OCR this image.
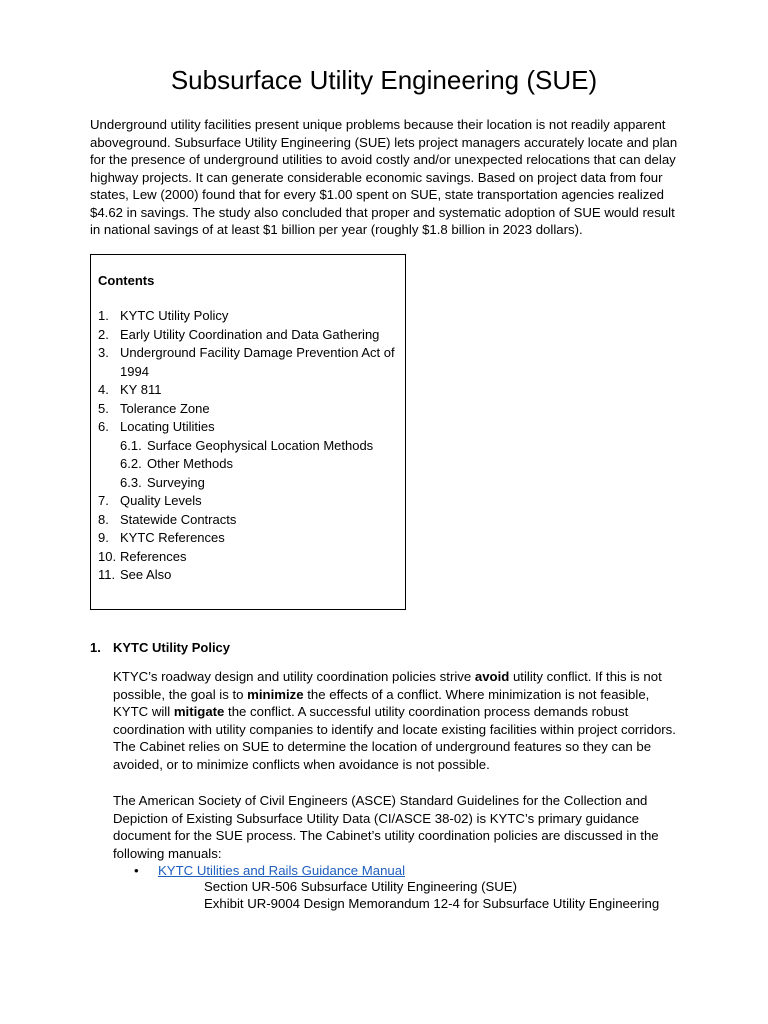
Subsurface Utility Engineering (SUE)
Underground utility facilities present unique problems because their location is not readily apparent aboveground. Subsurface Utility Engineering (SUE) lets project managers accurately locate and plan for the presence of underground utilities to avoid costly and/or unexpected relocations that can delay highway projects. It can generate considerable economic savings. Based on project data from four states, Lew (2000) found that for every $1.00 spent on SUE, state transportation agencies realized $4.62 in savings. The study also concluded that proper and systematic adoption of SUE would result in national savings of at least $1 billion per year (roughly $1.8 billion in 2023 dollars).
Contents
1. KYTC Utility Policy
2. Early Utility Coordination and Data Gathering
3. Underground Facility Damage Prevention Act of 1994
4. KY 811
5. Tolerance Zone
6. Locating Utilities
6.1. Surface Geophysical Location Methods
6.2. Other Methods
6.3. Surveying
7. Quality Levels
8. Statewide Contracts
9. KYTC References
10. References
11. See Also
1. KYTC Utility Policy

KTYC’s roadway design and utility coordination policies strive avoid utility conflict. If this is not possible, the goal is to minimize the effects of a conflict. Where minimization is not feasible, KYTC will mitigate the conflict. A successful utility coordination process demands robust coordination with utility companies to identify and locate existing facilities within project corridors. The Cabinet relies on SUE to determine the location of underground features so they can be avoided, or to minimize conflicts when avoidance is not possible.

The American Society of Civil Engineers (ASCE) Standard Guidelines for the Collection and Depiction of Existing Subsurface Utility Data (CI/ASCE 38-02) is KYTC’s primary guidance document for the SUE process. The Cabinet’s utility coordination policies are discussed in the following manuals:

• KYTC Utilities and Rails Guidance Manual
Section UR-506 Subsurface Utility Engineering (SUE)
Exhibit UR-9004 Design Memorandum 12-4 for Subsurface Utility Engineering
